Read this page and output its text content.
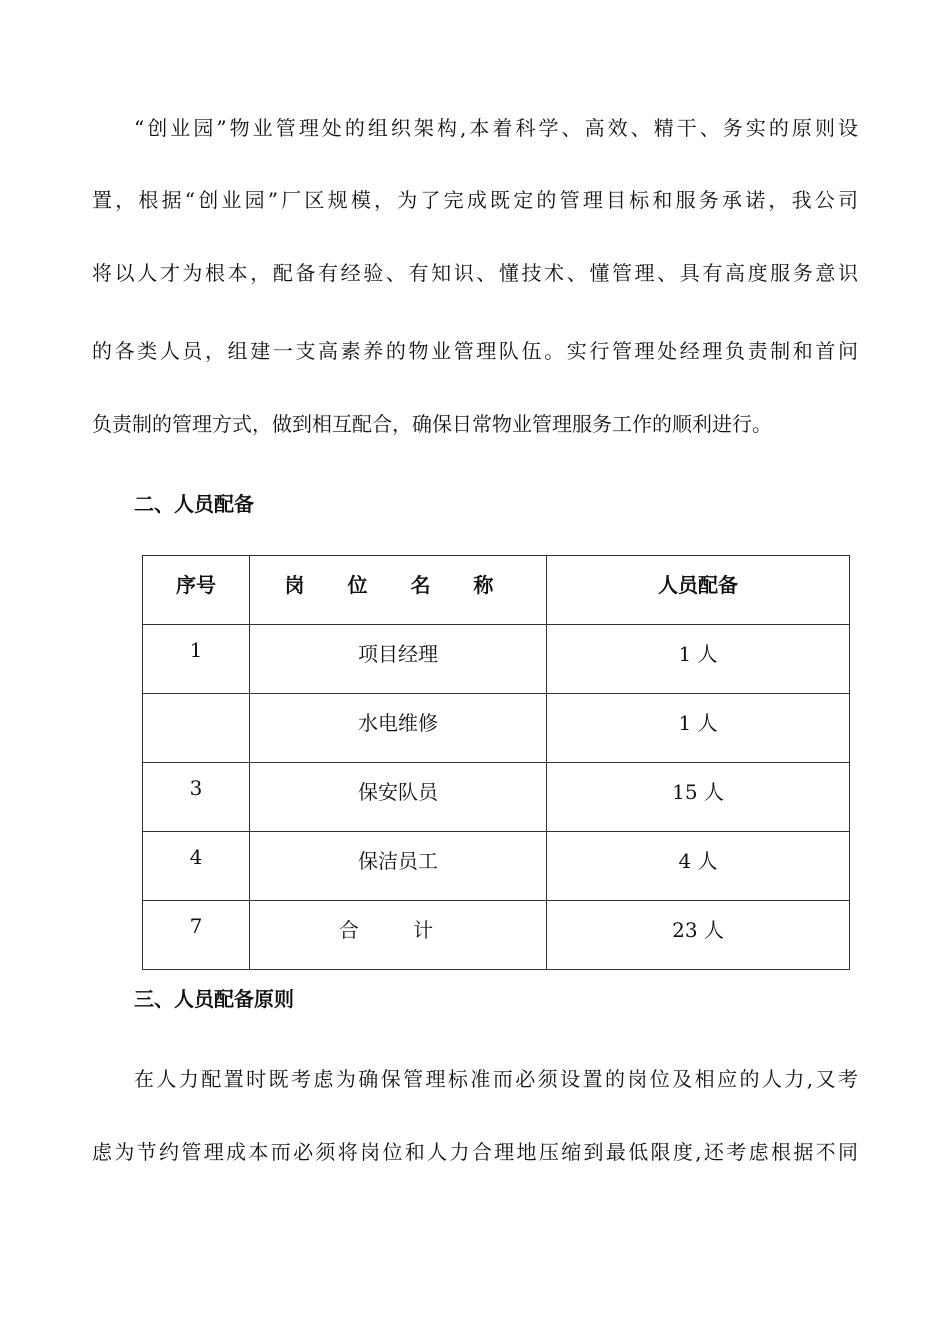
“创业园”物业管理处的组织架构,本着科学、高效、精干、务实的原则设
置，根据“创业园”厂区规模，为了完成既定的管理目标和服务承诺，我公司
将以人才为根本，配备有经验、有知识、懂技术、懂管理、具有高度服务意识
的各类人员，组建一支高素养的物业管理队伍。实行管理处经理负责制和首问
负责制的管理方式，做到相互配合，确保日常物业管理服务工作的顺利进行。
二、人员配备
序号	岗 位 名 称	人员配备

1	项目经理	1 人

	水电维修	1 人

3	保安队员	15 人

4	保洁员工	4 人

7	合 计	23 人
三、人员配备原则
在人力配置时既考虑为确保管理标准而必须设置的岗位及相应的人力,又考
虑为节约管理成本而必须将岗位和人力合理地压缩到最低限度,还考虑根据不同
